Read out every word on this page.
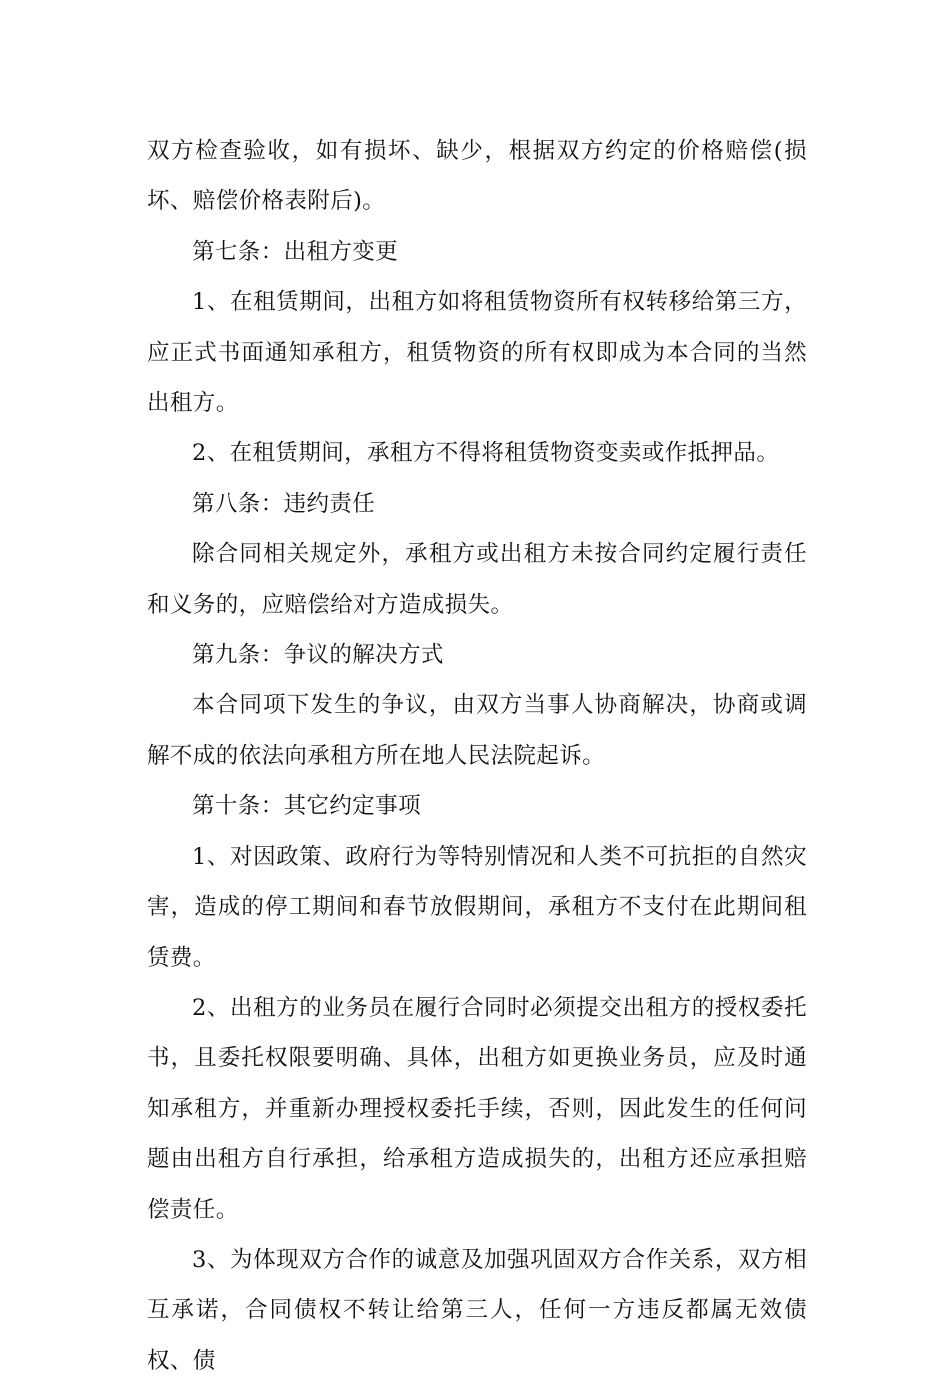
双方检查验收，如有损坏、缺少，根据双方约定的价格赔偿(损坏、赔偿价格表附后)。

第七条：出租方变更

1、在租赁期间，出租方如将租赁物资所有权转移给第三方，应正式书面通知承租方，租赁物资的所有权即成为本合同的当然出租方。

2、在租赁期间，承租方不得将租赁物资变卖或作抵押品。

第八条：违约责任

除合同相关规定外，承租方或出租方未按合同约定履行责任和义务的，应赔偿给对方造成损失。

第九条：争议的解决方式

本合同项下发生的争议，由双方当事人协商解决，协商或调解不成的依法向承租方所在地人民法院起诉。

第十条：其它约定事项

1、对因政策、政府行为等特别情况和人类不可抗拒的自然灾害，造成的停工期间和春节放假期间，承租方不支付在此期间租赁费。

2、出租方的业务员在履行合同时必须提交出租方的授权委托书，且委托权限要明确、具体，出租方如更换业务员，应及时通知承租方，并重新办理授权委托手续，否则，因此发生的任何问题由出租方自行承担，给承租方造成损失的，出租方还应承担赔偿责任。

3、为体现双方合作的诚意及加强巩固双方合作关系，双方相互承诺，合同债权不转让给第三人，任何一方违反都属无效债权、债
